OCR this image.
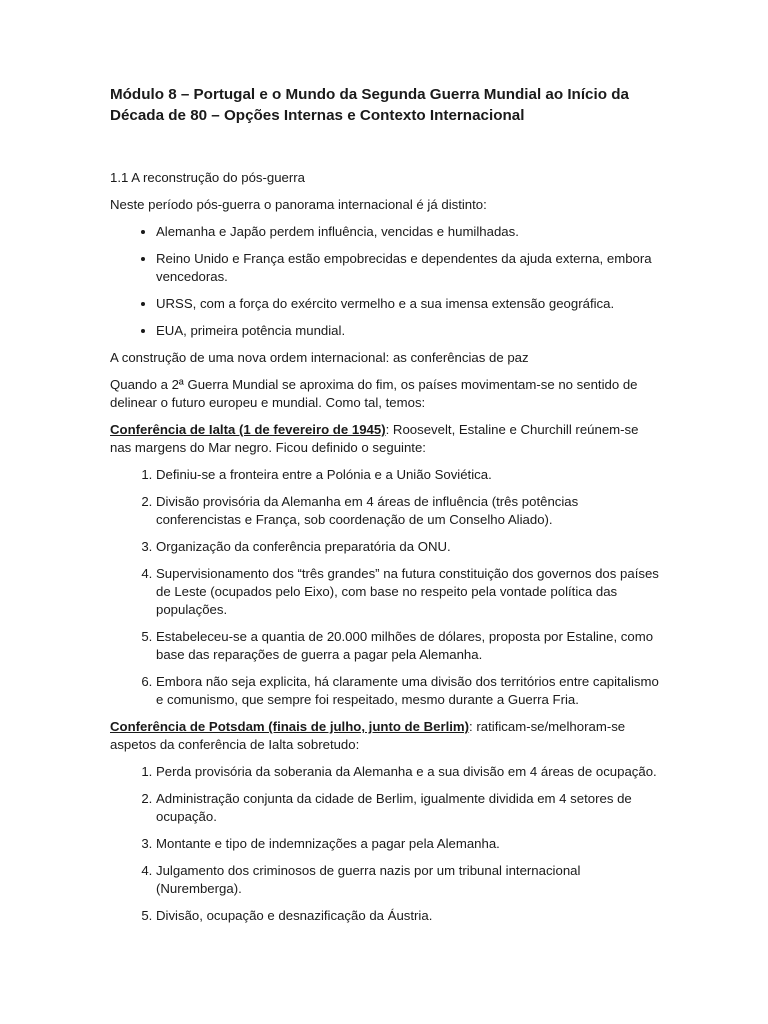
Módulo 8 – Portugal e o Mundo da Segunda Guerra Mundial ao Início da Década de 80 – Opções Internas e Contexto Internacional

1.1 A reconstrução do pós-guerra

Neste período pós-guerra o panorama internacional é já distinto:

• Alemanha e Japão perdem influência, vencidas e humilhadas.
• Reino Unido e França estão empobrecidas e dependentes da ajuda externa, embora vencedoras.
• URSS, com a força do exército vermelho e a sua imensa extensão geográfica.
• EUA, primeira potência mundial.

A construção de uma nova ordem internacional: as conferências de paz

Quando a 2ª Guerra Mundial se aproxima do fim, os países movimentam-se no sentido de delinear o futuro europeu e mundial. Como tal, temos:

Conferência de Ialta (1 de fevereiro de 1945): Roosevelt, Estaline e Churchill reúnem-se nas margens do Mar negro. Ficou definido o seguinte:

1. Definiu-se a fronteira entre a Polónia e a União Soviética.
2. Divisão provisória da Alemanha em 4 áreas de influência (três potências conferencistas e França, sob coordenação de um Conselho Aliado).
3. Organização da conferência preparatória da ONU.
4. Supervisionamento dos “três grandes” na futura constituição dos governos dos países de Leste (ocupados pelo Eixo), com base no respeito pela vontade política das populações.
5. Estabeleceu-se a quantia de 20.000 milhões de dólares, proposta por Estaline, como base das reparações de guerra a pagar pela Alemanha.
6. Embora não seja explicita, há claramente uma divisão dos territórios entre capitalismo e comunismo, que sempre foi respeitado, mesmo durante a Guerra Fria.

Conferência de Potsdam (finais de julho, junto de Berlim): ratificam-se/melhoram-se aspetos da conferência de Ialta sobretudo:

1. Perda provisória da soberania da Alemanha e a sua divisão em 4 áreas de ocupação.
2. Administração conjunta da cidade de Berlim, igualmente dividida em 4 setores de ocupação.
3. Montante e tipo de indemnizações a pagar pela Alemanha.
4. Julgamento dos criminosos de guerra nazis por um tribunal internacional (Nuremberga).
5. Divisão, ocupação e desnazificação da Áustria.
